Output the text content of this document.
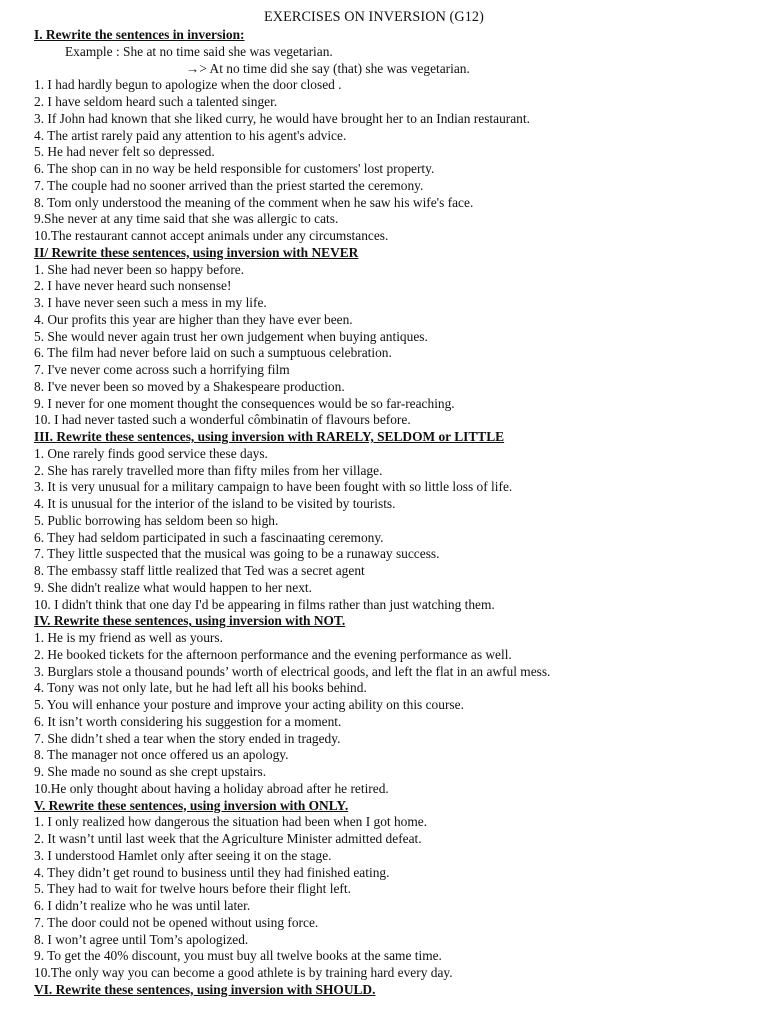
EXERCISES ON INVERSION (G12)
I. Rewrite the sentences in inversion:
Example : She at no time said she was vegetarian.
→> At no time did she say (that) she was vegetarian.
1. I had hardly begun to apologize when the door closed .
2. I have seldom heard such a talented singer.
3. If John had known that she liked curry, he would have brought her to an Indian restaurant.
4. The artist rarely paid any attention to his agent's advice.
5. He had never felt so depressed.
6. The shop can in no way be held responsible for customers' lost property.
7. The couple had no sooner arrived than the priest started the ceremony.
8. Tom only understood the meaning of the comment when he saw his wife's face.
9.She never at any time said that she was allergic to cats.
10.The restaurant cannot accept animals under any circumstances.
II/ Rewrite these sentences, using inversion with NEVER
1. She had never been so happy before.
2. I have never heard such nonsense!
3. I have never seen such a mess in my life.
4. Our profits this year are higher than they have ever been.
5. She would never again trust her own judgement when buying antiques.
6. The film had never before laid on such a sumptuous celebration.
7. I've never come across such a horrifying film
8. I've never been so moved by a Shakespeare production.
9. I never for one moment thought the consequences would be so far-reaching.
10. I had never tasted such a wonderful cômbinatin of flavours before.
III. Rewrite these sentences, using inversion with RARELY, SELDOM or LITTLE
1. One rarely finds good service these days.
2. She has rarely travelled more than fifty miles from her village.
3. It is very unusual for a military campaign to have been fought with so little loss of life.
4. It is unusual for the interior of the island to be visited by tourists.
5. Public borrowing has seldom been so high.
6. They had seldom participated in such a fascinaating ceremony.
7. They little suspected that the musical was going to be a runaway success.
8. The embassy staff little realized that Ted was a secret agent
9. She didn't realize what would happen to her next.
10. I didn't think that one day I'd be appearing in films rather than just watching them.
IV. Rewrite these sentences, using inversion with NOT.
1. He is my friend as well as yours.
2. He booked tickets for the afternoon performance and the evening performance as well.
3. Burglars stole a thousand pounds’ worth of electrical goods, and left the flat in an awful mess.
4. Tony was not only late, but he had left all his books behind.
5. You will enhance your posture and improve your acting ability on this course.
6. It isn’t worth considering his suggestion for a moment.
7. She didn’t shed a tear when the story ended in tragedy.
8. The manager not once offered us an apology.
9. She made no sound as she crept upstairs.
10.He only thought about having a holiday abroad after he retired.
V. Rewrite these sentences, using inversion with ONLY.
1. I only realized how dangerous the situation had been when I got home.
2. It wasn’t until last week that the Agriculture Minister admitted defeat.
3. I understood Hamlet only after seeing it on the stage.
4. They didn’t get round to business until they had finished eating.
5. They had to wait for twelve hours before their flight left.
6. I didn’t realize who he was until later.
7. The door could not be opened without using force.
8. I won’t agree until Tom’s apologized.
9. To get the 40% discount, you must buy all twelve books at the same time.
10.The only way you can become a good athlete is by training hard every day.
VI. Rewrite these sentences, using inversion with SHOULD.
